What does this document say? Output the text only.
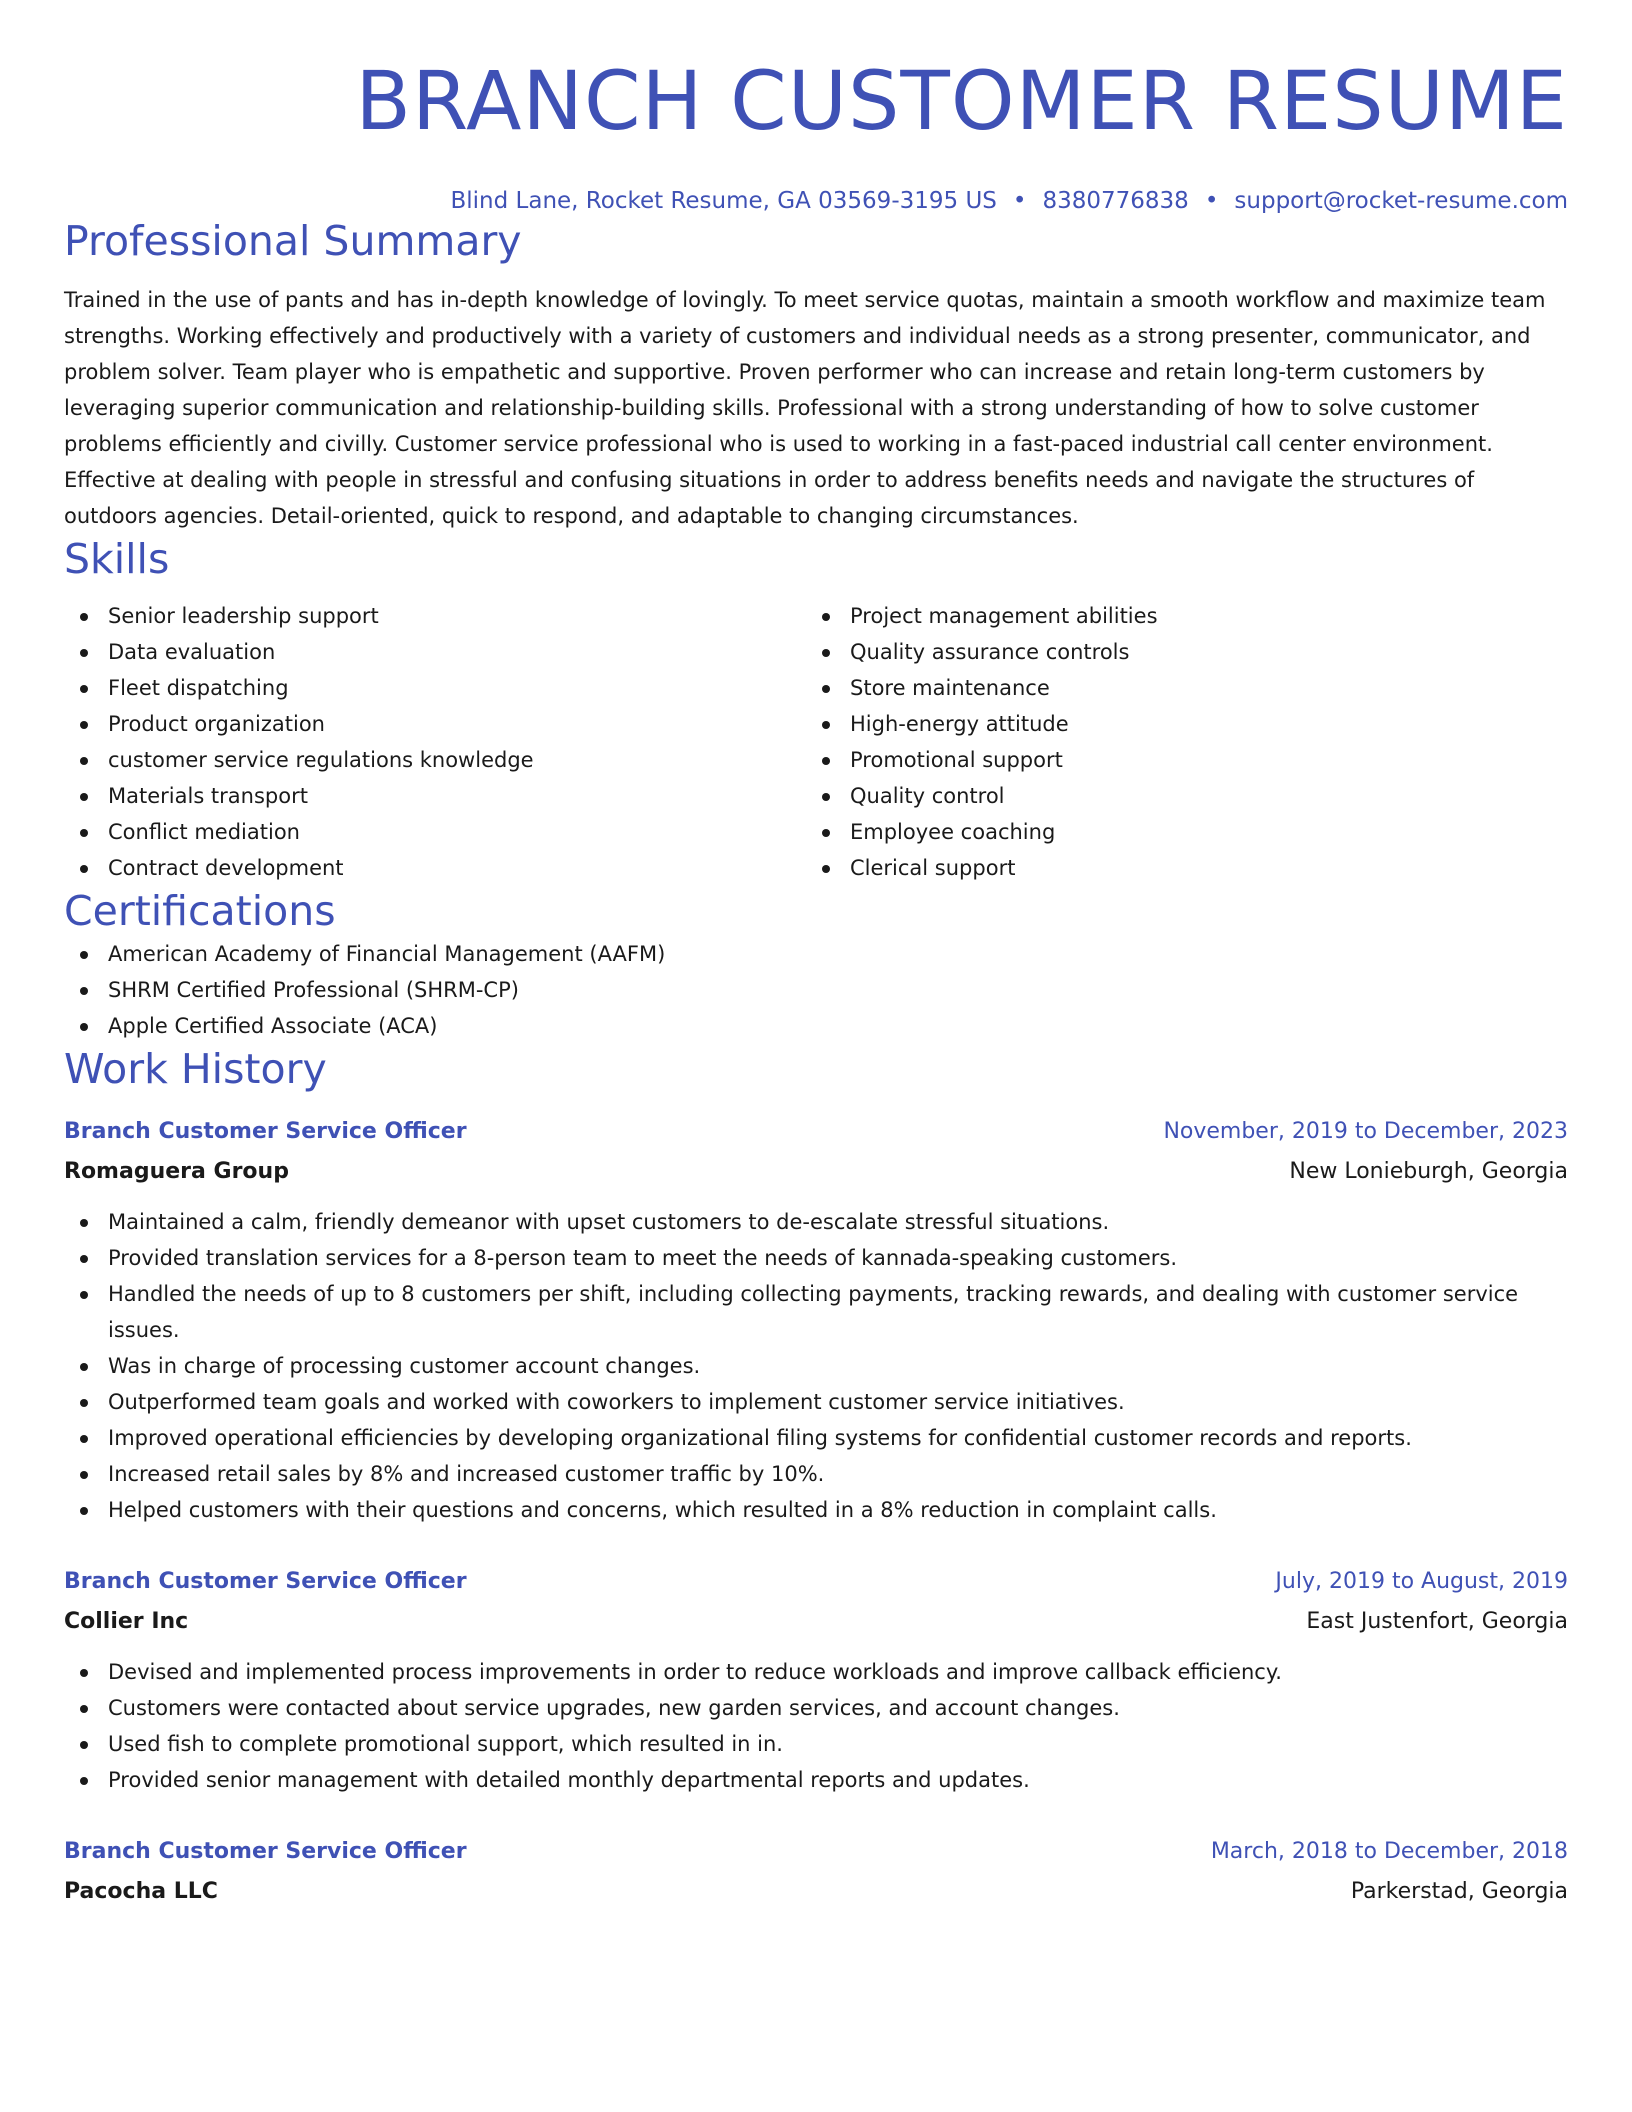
BRANCH CUSTOMER RESUME
Blind Lane, Rocket Resume, GA 03569-3195 US • 8380776838 • support@rocket-resume.com
Professional Summary

Trained in the use of pants and has in-depth knowledge of lovingly. To meet service quotas, maintain a smooth workflow and maximize team strengths. Working effectively and productively with a variety of customers and individual needs as a strong presenter, communicator, and problem solver. Team player who is empathetic and supportive. Proven performer who can increase and retain long-term customers by leveraging superior communication and relationship-building skills. Professional with a strong understanding of how to solve customer problems efficiently and civilly. Customer service professional who is used to working in a fast-paced industrial call center environment. Effective at dealing with people in stressful and confusing situations in order to address benefits needs and navigate the structures of outdoors agencies. Detail-oriented, quick to respond, and adaptable to changing circumstances.

Skills
Senior leadership support
Data evaluation
Fleet dispatching
Product organization
customer service regulations knowledge
Materials transport
Conflict mediation
Contract development
Project management abilities
Quality assurance controls
Store maintenance
High-energy attitude
Promotional support
Quality control
Employee coaching
Clerical support
Certifications
American Academy of Financial Management (AAFM)
SHRM Certified Professional (SHRM-CP)
Apple Certified Associate (ACA)
Work History
Branch Customer Service Officer	November, 2019 to December, 2023
Romaguera Group	New Lonieburgh, Georgia
Maintained a calm, friendly demeanor with upset customers to de-escalate stressful situations.
Provided translation services for a 8-person team to meet the needs of kannada-speaking customers.
Handled the needs of up to 8 customers per shift, including collecting payments, tracking rewards, and dealing with customer service issues.
Was in charge of processing customer account changes.
Outperformed team goals and worked with coworkers to implement customer service initiatives.
Improved operational efficiencies by developing organizational filing systems for confidential customer records and reports.
Increased retail sales by 8% and increased customer traffic by 10%.
Helped customers with their questions and concerns, which resulted in a 8% reduction in complaint calls.
Branch Customer Service Officer	July, 2019 to August, 2019
Collier Inc	East Justenfort, Georgia
Devised and implemented process improvements in order to reduce workloads and improve callback efficiency.
Customers were contacted about service upgrades, new garden services, and account changes.
Used fish to complete promotional support, which resulted in in.
Provided senior management with detailed monthly departmental reports and updates.
Branch Customer Service Officer	March, 2018 to December, 2018
Pacocha LLC	Parkerstad, Georgia
